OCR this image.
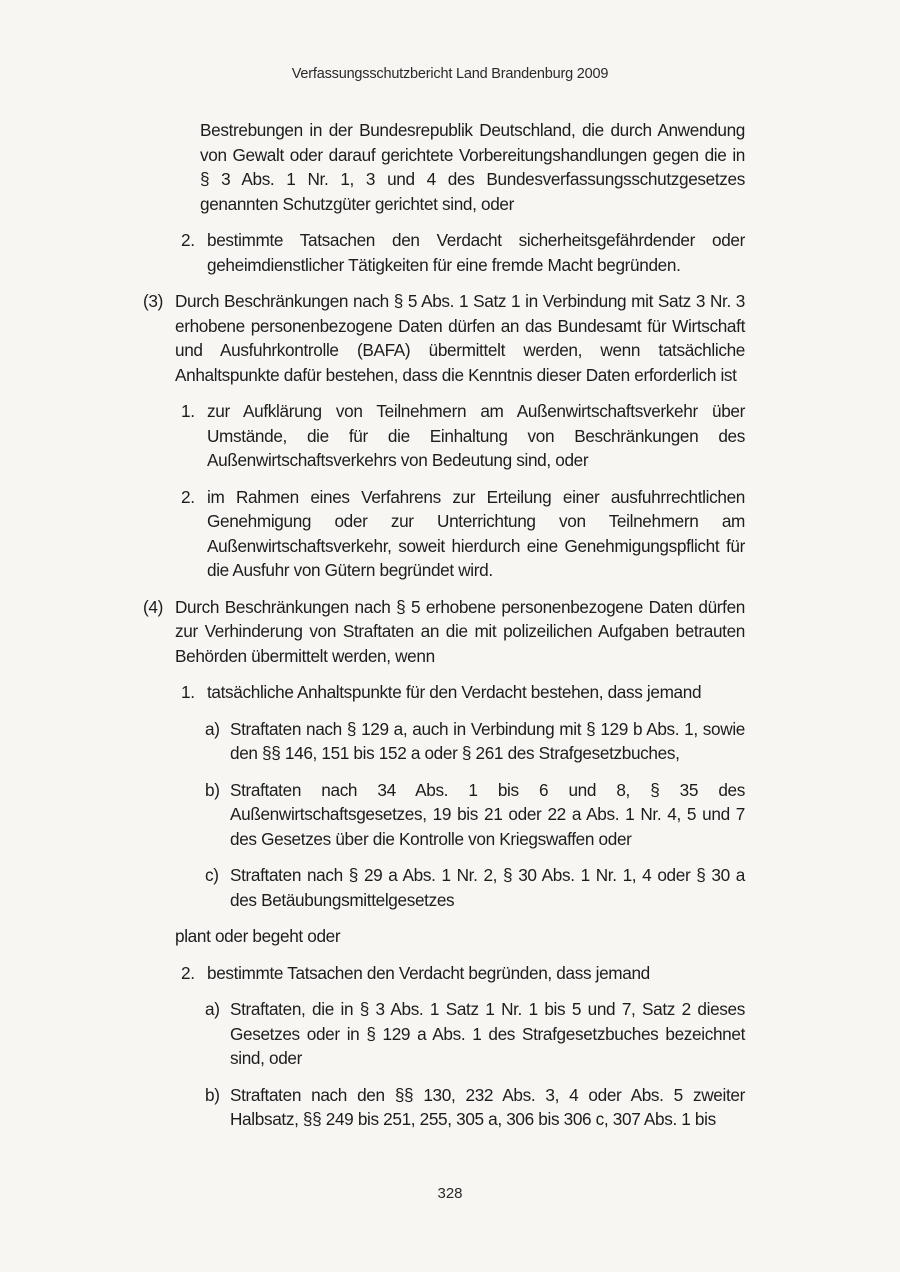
Verfassungsschutzbericht Land Brandenburg 2009
Bestrebungen in der Bundesrepublik Deutschland, die durch Anwendung von Gewalt oder darauf gerichtete Vorbereitungshandlungen gegen die in § 3 Abs. 1 Nr. 1, 3 und 4 des Bundesverfassungsschutzgesetzes genannten Schutzgüter gerichtet sind, oder
2. bestimmte Tatsachen den Verdacht sicherheitsgefährdender oder geheimdienstlicher Tätigkeiten für eine fremde Macht begründen.
(3) Durch Beschränkungen nach § 5 Abs. 1 Satz 1 in Verbindung mit Satz 3 Nr. 3 erhobene personenbezogene Daten dürfen an das Bundesamt für Wirtschaft und Ausfuhrkontrolle (BAFA) übermittelt werden, wenn tatsächliche Anhaltspunkte dafür bestehen, dass die Kenntnis dieser Daten erforderlich ist
1. zur Aufklärung von Teilnehmern am Außenwirtschaftsverkehr über Umstände, die für die Einhaltung von Beschränkungen des Außenwirtschaftsverkehrs von Bedeutung sind, oder
2. im Rahmen eines Verfahrens zur Erteilung einer ausfuhrrechtlichen Genehmigung oder zur Unterrichtung von Teilnehmern am Außenwirtschaftsverkehr, soweit hierdurch eine Genehmigungspflicht für die Ausfuhr von Gütern begründet wird.
(4) Durch Beschränkungen nach § 5 erhobene personenbezogene Daten dürfen zur Verhinderung von Straftaten an die mit polizeilichen Aufgaben betrauten Behörden übermittelt werden, wenn
1. tatsächliche Anhaltspunkte für den Verdacht bestehen, dass jemand
a) Straftaten nach § 129 a, auch in Verbindung mit § 129 b Abs. 1, sowie den §§ 146, 151 bis 152 a oder § 261 des Strafgesetzbuches,
b) Straftaten nach 34 Abs. 1 bis 6 und 8, § 35 des Außenwirtschaftsgesetzes, 19 bis 21 oder 22 a Abs. 1 Nr. 4, 5 und 7 des Gesetzes über die Kontrolle von Kriegswaffen oder
c) Straftaten nach § 29 a Abs. 1 Nr. 2, § 30 Abs. 1 Nr. 1, 4 oder § 30 a des Betäubungsmittelgesetzes
plant oder begeht oder
2. bestimmte Tatsachen den Verdacht begründen, dass jemand
a) Straftaten, die in § 3 Abs. 1 Satz 1 Nr. 1 bis 5 und 7, Satz 2 dieses Gesetzes oder in § 129 a Abs. 1 des Strafgesetzbuches bezeichnet sind, oder
b) Straftaten nach den §§ 130, 232 Abs. 3, 4 oder Abs. 5 zweiter Halbsatz, §§ 249 bis 251, 255, 305 a, 306 bis 306 c, 307 Abs. 1 bis
328
